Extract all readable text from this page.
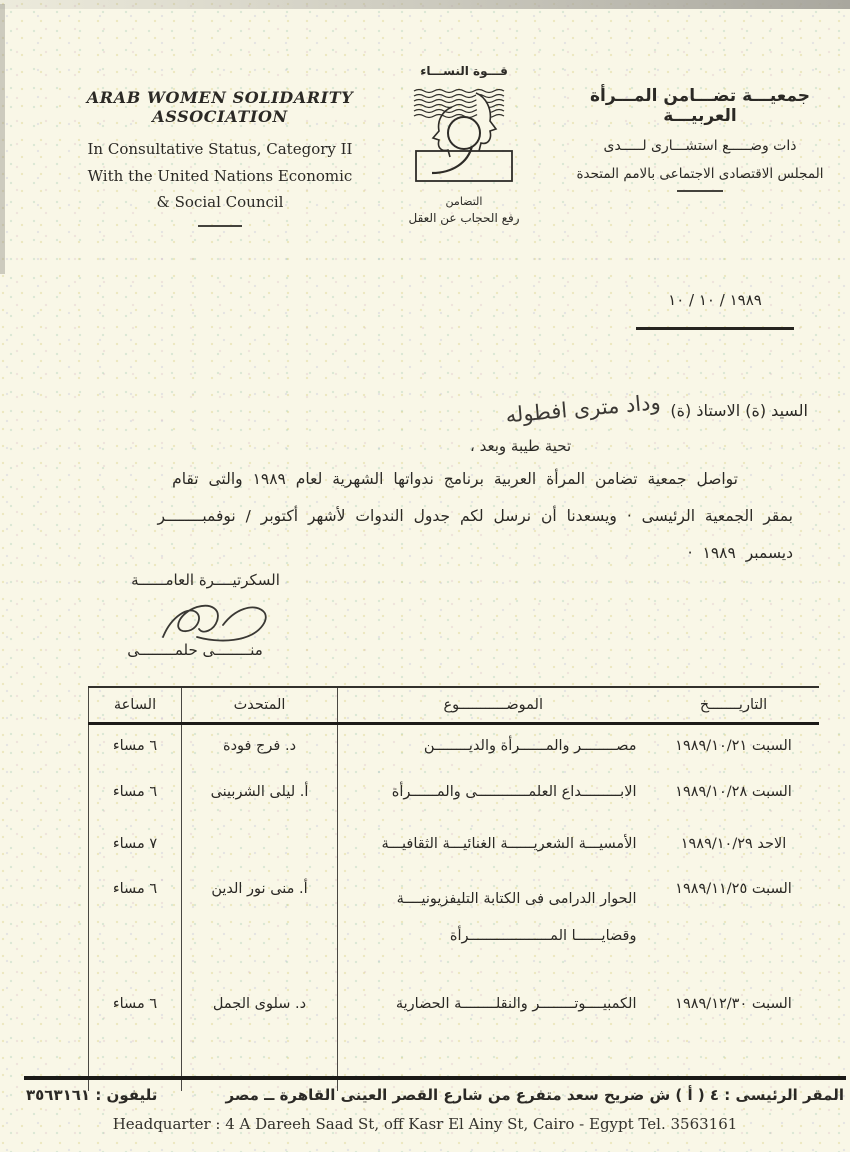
ARAB WOMEN SOLIDARITY ASSOCIATION
In Consultative Status, Category II
With the United Nations Economic
& Social Council
قـــوة النســـاء
التضامن
رفع الحجاب عن العقل
جمعيـــة تضـــامن المـــرأة العربيـــة
ذات وضـــــع استشـــارى لـــــدى
المجلس الاقتصادى الاجتماعى بالامم المتحدة
١٩٨٩ / ١٠ / ١٠
السيد (ة) الاستاذ (ة)
وداد مترى افطوله
تحية طيبة وبعد ،
تواصل جمعية تضامن المرأة العربية برنامج ندواتها الشهرية لعام ١٩٨٩ والتى تقام
بمقر الجمعية الرئيسى · ويسعدنا أن نرسل لكم جدول الندوات لأشهر أكتوبر / نوفمبــــــــر
ديسمبر ١٩٨٩ ·
السكرتيــــرة العامــــــة
منــــــــى حلمــــــــى
التاريـــــــخ	الموضـــــــــــوع	المتحدث	الساعة
السبت ١٩٨٩/١٠/٢١	مصــــــــر والمــــــرأة والديــــــــن	د. فرج فودة	٦ مساء
السبت ١٩٨٩/١٠/٢٨	الابـــــــــداع العلمــــــــــــى والمــــــرأة	أ. ليلى الشربينى	٦ مساء
الاحد ١٩٨٩/١٠/٢٩	الأمسيـــة الشعريــــــة الغنائيـــة الثقافيـــة		٧ مساء
السبت ١٩٨٩/١١/٢٥	الحوار الدرامى فى الكتابة التليفزيونيــــة
وقضايــــــا المـــــــــــــــــــرأة	أ. منى نور الدين	٦ مساء
السبت ١٩٨٩/١٢/٣٠	الكمبيــــوتــــــــر والنقلــــــــة الحضارية	د. سلوى الجمل	٦ مساء

المقر الرئيسى : ٤ ( أ ) ش ضريح سعد متفرع من شارع القصر العينى القاهرة ــ مصر
تليفون : ٣٥٦٣١٦١
Headquarter : 4 A Dareeh Saad St, off Kasr El Ainy St, Cairo - Egypt Tel. 3563161
